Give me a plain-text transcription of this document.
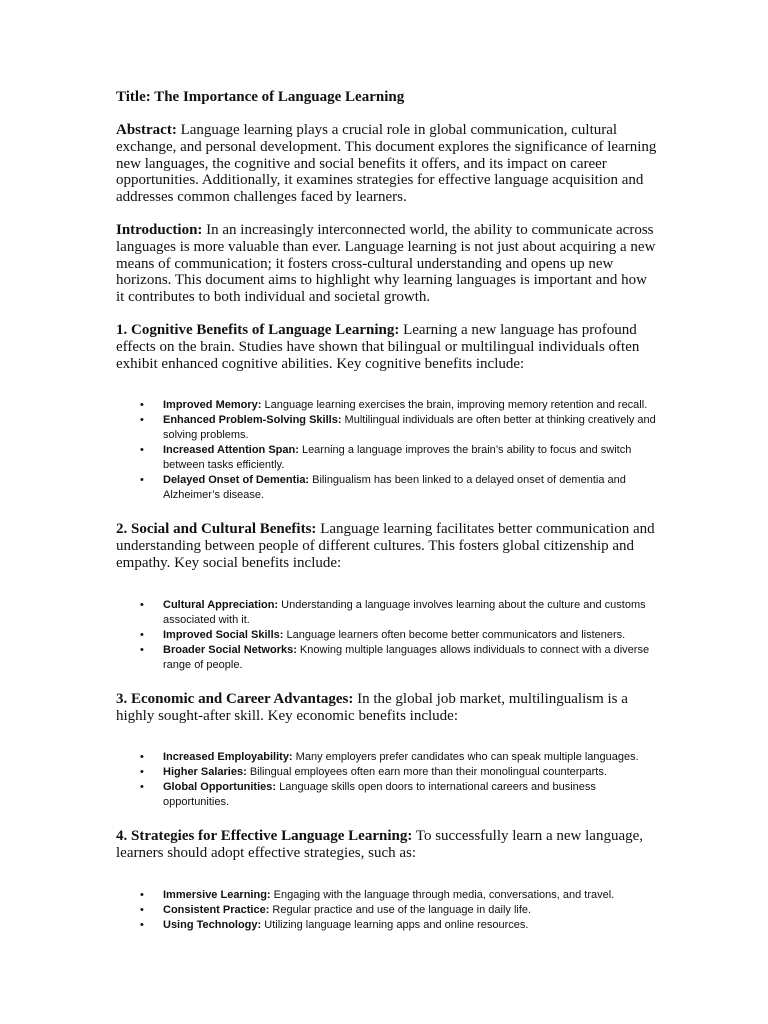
Title: The Importance of Language Learning

Abstract: Language learning plays a crucial role in global communication, cultural exchange, and personal development. This document explores the significance of learning new languages, the cognitive and social benefits it offers, and its impact on career opportunities. Additionally, it examines strategies for effective language acquisition and addresses common challenges faced by learners.

Introduction: In an increasingly interconnected world, the ability to communicate across languages is more valuable than ever. Language learning is not just about acquiring a new means of communication; it fosters cross-cultural understanding and opens up new horizons. This document aims to highlight why learning languages is important and how it contributes to both individual and societal growth.

1. Cognitive Benefits of Language Learning: Learning a new language has profound effects on the brain. Studies have shown that bilingual or multilingual individuals often exhibit enhanced cognitive abilities. Key cognitive benefits include:

• Improved Memory: Language learning exercises the brain, improving memory retention and recall.
• Enhanced Problem-Solving Skills: Multilingual individuals are often better at thinking creatively and solving problems.
• Increased Attention Span: Learning a language improves the brain’s ability to focus and switch between tasks efficiently.
• Delayed Onset of Dementia: Bilingualism has been linked to a delayed onset of dementia and Alzheimer’s disease.

2. Social and Cultural Benefits: Language learning facilitates better communication and understanding between people of different cultures. This fosters global citizenship and empathy. Key social benefits include:

• Cultural Appreciation: Understanding a language involves learning about the culture and customs associated with it.
• Improved Social Skills: Language learners often become better communicators and listeners.
• Broader Social Networks: Knowing multiple languages allows individuals to connect with a diverse range of people.

3. Economic and Career Advantages: In the global job market, multilingualism is a highly sought-after skill. Key economic benefits include:

• Increased Employability: Many employers prefer candidates who can speak multiple languages.
• Higher Salaries: Bilingual employees often earn more than their monolingual counterparts.
• Global Opportunities: Language skills open doors to international careers and business opportunities.

4. Strategies for Effective Language Learning: To successfully learn a new language, learners should adopt effective strategies, such as:

• Immersive Learning: Engaging with the language through media, conversations, and travel.
• Consistent Practice: Regular practice and use of the language in daily life.
• Using Technology: Utilizing language learning apps and online resources.
